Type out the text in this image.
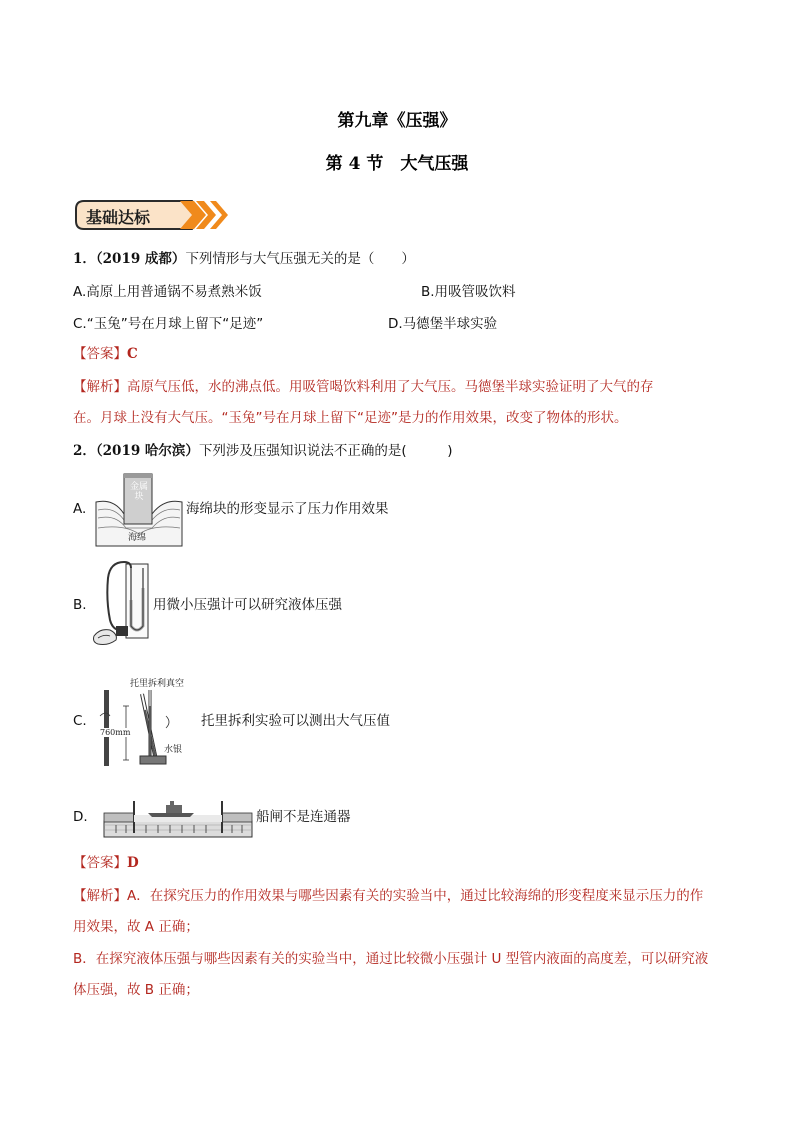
第九章《压强》
第 4 节　大气压强
基础达标
1．（2019 成都）下列情形与大气压强无关的是（　　）
A.高原上用普通锅不易煮熟米饭	B.用吸管吸饮料
C.“玉兔”号在月球上留下“足迹”	D.马德堡半球实验
【答案】C
【解析】高原气压低，水的沸点低。用吸管喝饮料利用了大气压。马德堡半球实验证明了大气的存
在。月球上没有大气压。“玉兔”号在月球上留下“足迹”是力的作用效果，改变了物体的形状。
2．（2019 哈尔滨）下列涉及压强知识说法不正确的是(　　　)
A.
金属块
海绵
海绵块的形变显示了压力作用效果
B.	用微小压强计可以研究液体压强
C.
托里拆利真空
760mm
水银
托里拆利实验可以测出大气压值
D.	船闸不是连通器
【答案】D
【解析】A．在探究压力的作用效果与哪些因素有关的实验当中，通过比较海绵的形变程度来显示压力的作
用效果，故 A 正确；
B．在探究液体压强与哪些因素有关的实验当中，通过比较微小压强计 U 型管内液面的高度差，可以研究液
体压强，故 B 正确；
